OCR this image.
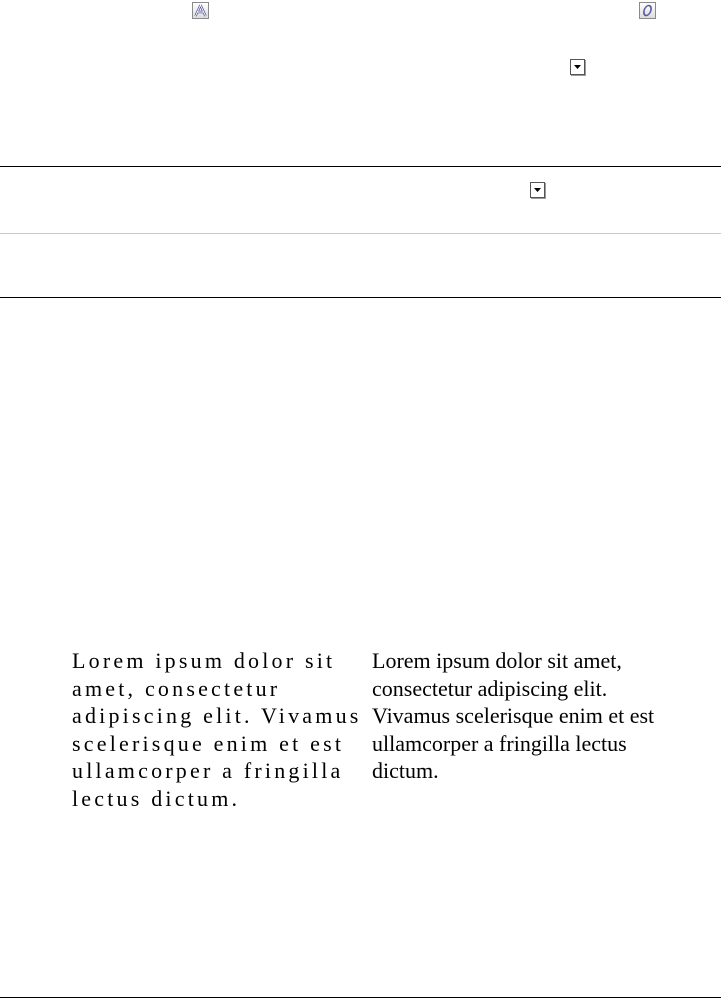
Lorem ipsum dolor sit amet, consectetur adipiscing elit. Vivamus scelerisque enim et est ullamcorper a fringilla lectus dictum.
Lorem ipsum dolor sit amet, consectetur adipiscing elit. Vivamus scelerisque enim et est ullamcorper a fringilla lectus dictum.
